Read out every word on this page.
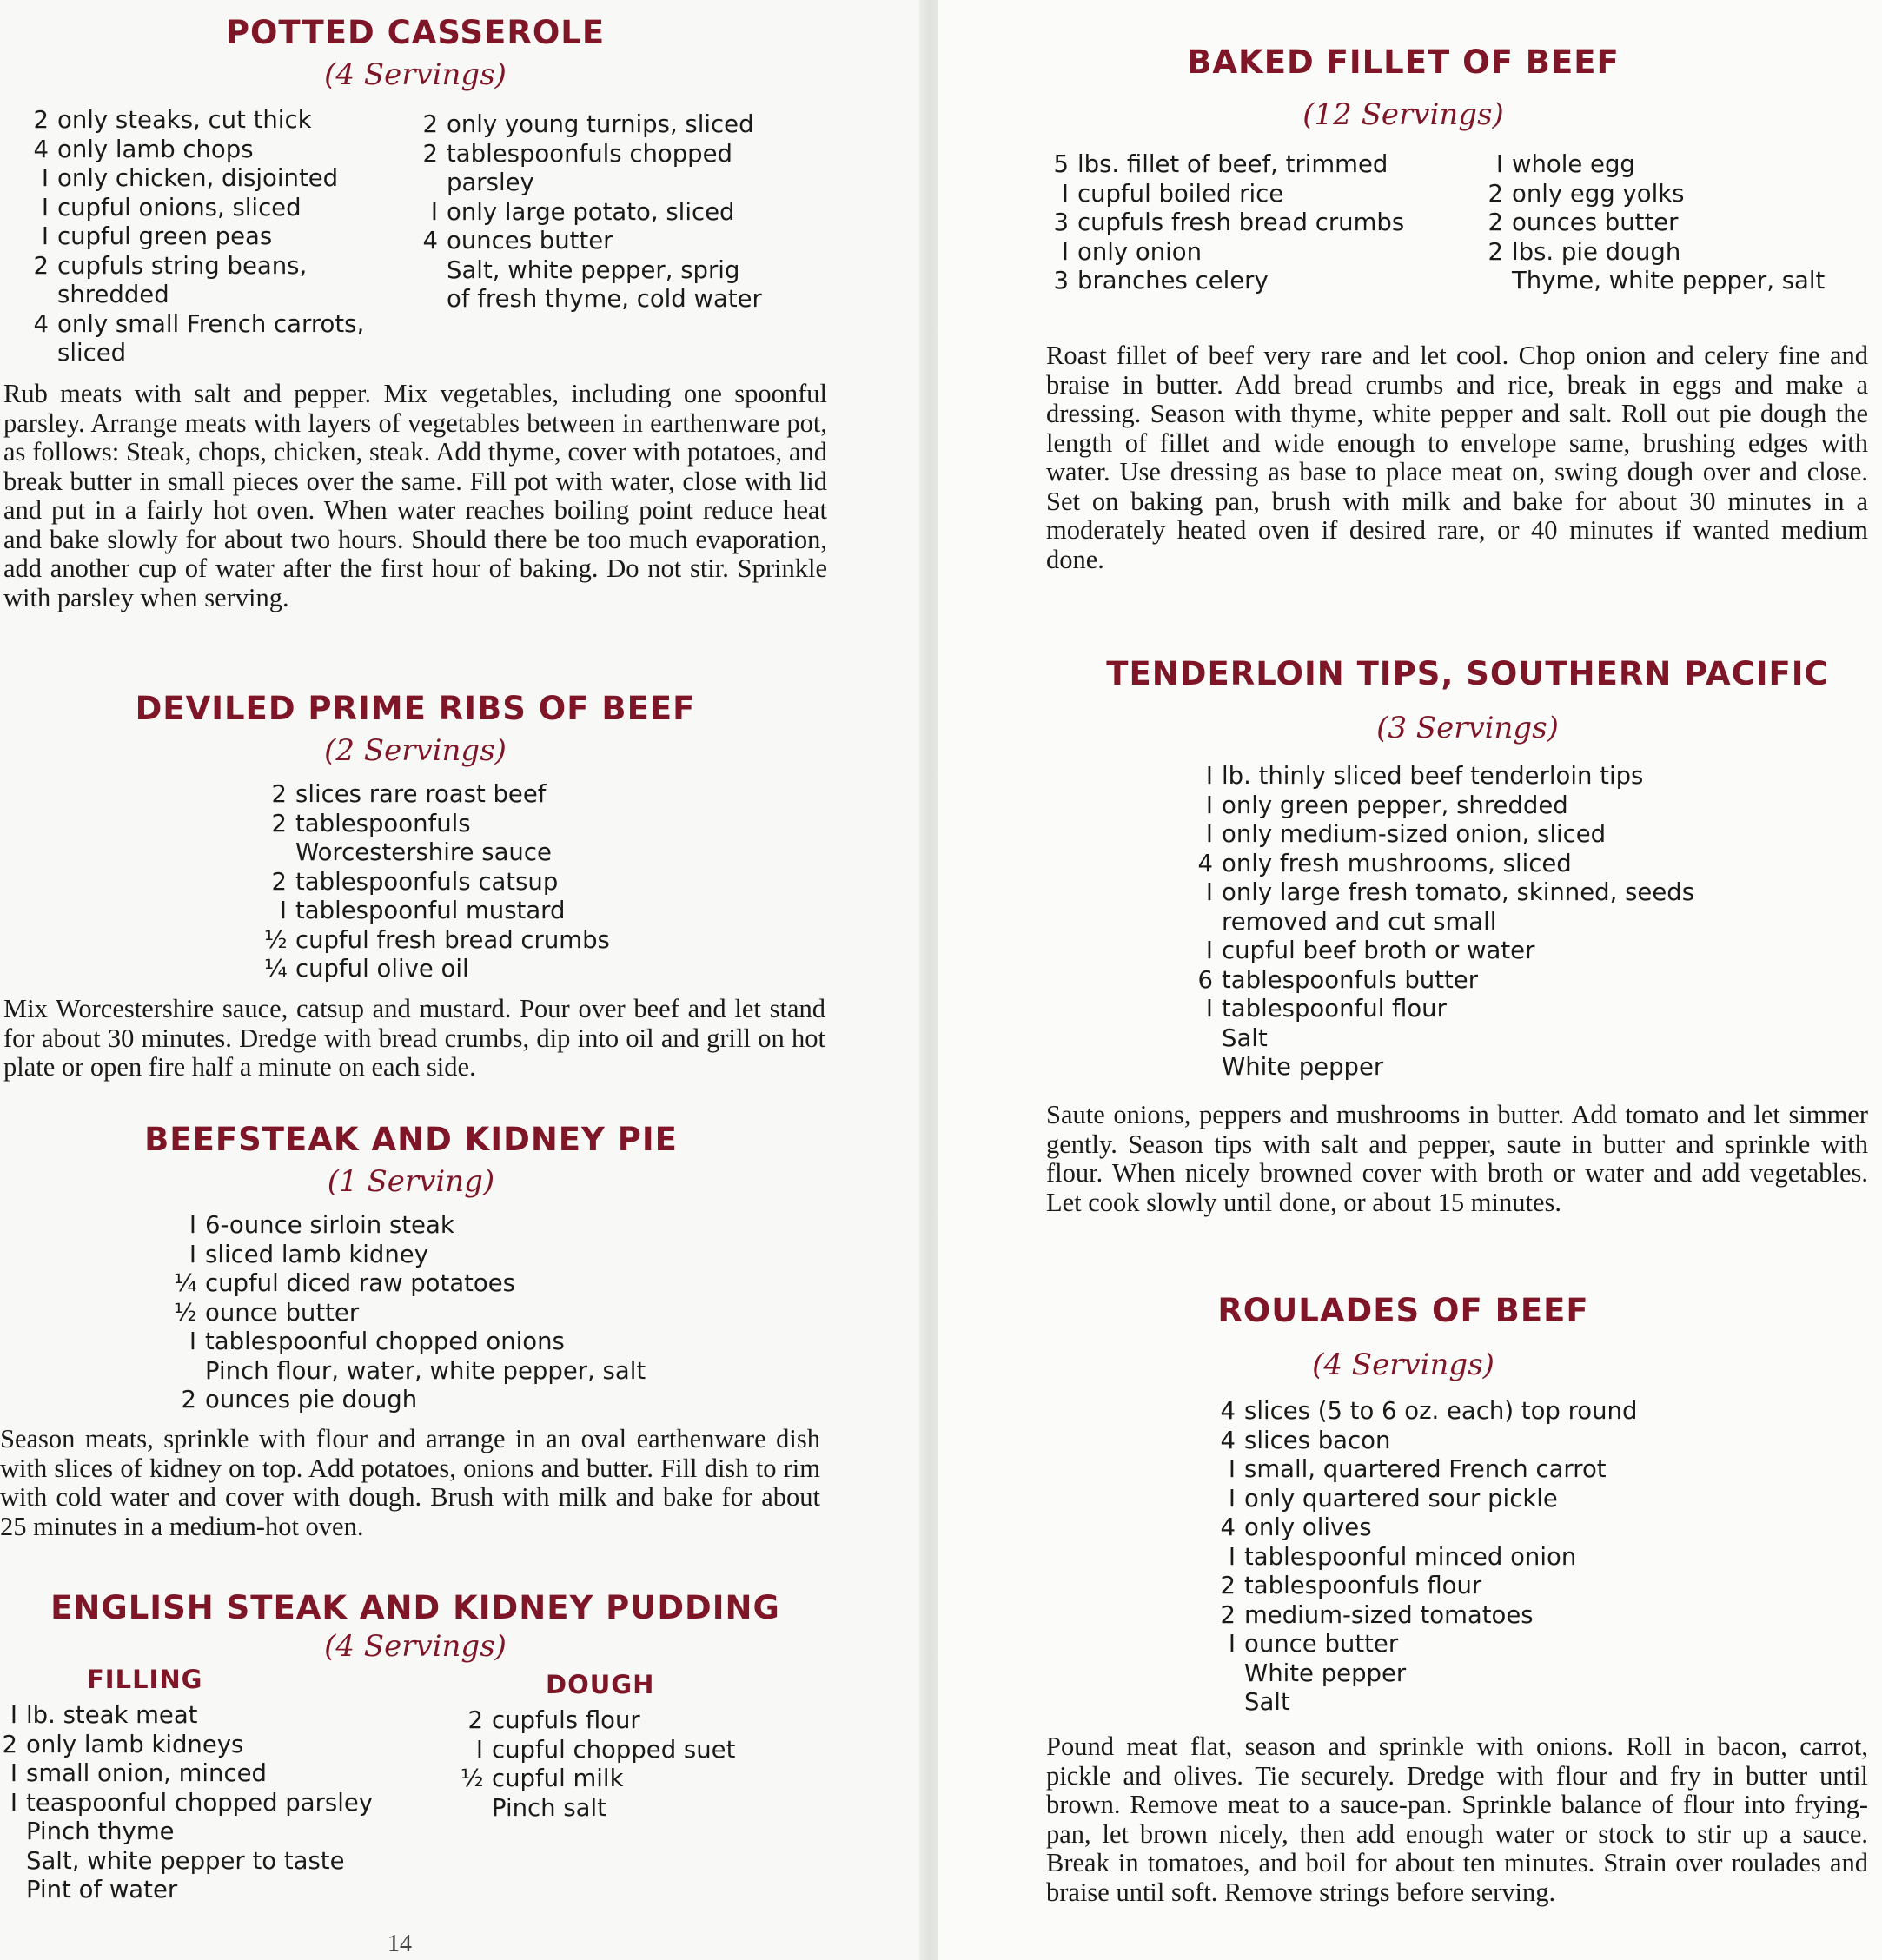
POTTED CASSEROLE
(4 Servings)
2 only steaks, cut thick
4 only lamb chops
I only chicken, disjointed
I cupful onions, sliced
I cupful green peas
2 cupfuls string beans,
shredded
4 only small French carrots,
sliced
2 only young turnips, sliced
2 tablespoonfuls chopped
parsley
I only large potato, sliced
4 ounces butter
Salt, white pepper, sprig
of fresh thyme, cold water

Rub meats with salt and pepper. Mix vegetables, including one spoonful parsley. Arrange meats with layers of vegetables between in earthenware pot, as follows: Steak, chops, chicken, steak. Add thyme, cover with potatoes, and break butter in small pieces over the same. Fill pot with water, close with lid and put in a fairly hot oven. When water reaches boiling point reduce heat and bake slowly for about two hours. Should there be too much evaporation, add another cup of water after the first hour of baking. Do not stir. Sprinkle with parsley when serving.

DEVILED PRIME RIBS OF BEEF
(2 Servings)
2 slices rare roast beef
2 tablespoonfuls
Worcestershire sauce
2 tablespoonfuls catsup
I tablespoonful mustard
½ cupful fresh bread crumbs
¼ cupful olive oil

Mix Worcestershire sauce, catsup and mustard. Pour over beef and let stand for about 30 minutes. Dredge with bread crumbs, dip into oil and grill on hot plate or open fire half a minute on each side.

BEEFSTEAK AND KIDNEY PIE
(1 Serving)
I 6-ounce sirloin steak
I sliced lamb kidney
¼ cupful diced raw potatoes
½ ounce butter
I tablespoonful chopped onions
Pinch flour, water, white pepper, salt
2 ounces pie dough

Season meats, sprinkle with flour and arrange in an oval earthenware dish with slices of kidney on top. Add potatoes, onions and butter. Fill dish to rim with cold water and cover with dough. Brush with milk and bake for about 25 minutes in a medium-hot oven.

ENGLISH STEAK AND KIDNEY PUDDING
(4 Servings)
FILLING	DOUGH
I lb. steak meat
2 only lamb kidneys
I small onion, minced
I teaspoonful chopped parsley
Pinch thyme
Salt, white pepper to taste
Pint of water
2 cupfuls flour
I cupful chopped suet
½ cupful milk
Pinch salt
14
BAKED FILLET OF BEEF
(12 Servings)
5 lbs. fillet of beef, trimmed
I cupful boiled rice
3 cupfuls fresh bread crumbs
I only onion
3 branches celery
I whole egg
2 only egg yolks
2 ounces butter
2 lbs. pie dough
Thyme, white pepper, salt

Roast fillet of beef very rare and let cool. Chop onion and celery fine and braise in butter. Add bread crumbs and rice, break in eggs and make a dressing. Season with thyme, white pepper and salt. Roll out pie dough the length of fillet and wide enough to envelope same, brushing edges with water. Use dressing as base to place meat on, swing dough over and close. Set on baking pan, brush with milk and bake for about 30 minutes in a moderately heated oven if desired rare, or 40 minutes if wanted medium done.

TENDERLOIN TIPS, SOUTHERN PACIFIC
(3 Servings)
I lb. thinly sliced beef tenderloin tips
I only green pepper, shredded
I only medium-sized onion, sliced
4 only fresh mushrooms, sliced
I only large fresh tomato, skinned, seeds
removed and cut small
I cupful beef broth or water
6 tablespoonfuls butter
I tablespoonful flour
Salt
White pepper

Saute onions, peppers and mushrooms in butter. Add tomato and let simmer gently. Season tips with salt and pepper, saute in butter and sprinkle with flour. When nicely browned cover with broth or water and add vegetables. Let cook slowly until done, or about 15 minutes.

ROULADES OF BEEF
(4 Servings)
4 slices (5 to 6 oz. each) top round
4 slices bacon
I small, quartered French carrot
I only quartered sour pickle
4 only olives
I tablespoonful minced onion
2 tablespoonfuls flour
2 medium-sized tomatoes
I ounce butter
White pepper
Salt

Pound meat flat, season and sprinkle with onions. Roll in bacon, carrot, pickle and olives. Tie securely. Dredge with flour and fry in butter until brown. Remove meat to a sauce-pan. Sprinkle balance of flour into frying-pan, let brown nicely, then add enough water or stock to stir up a sauce. Break in tomatoes, and boil for about ten minutes. Strain over roulades and braise until soft. Remove strings before serving.
